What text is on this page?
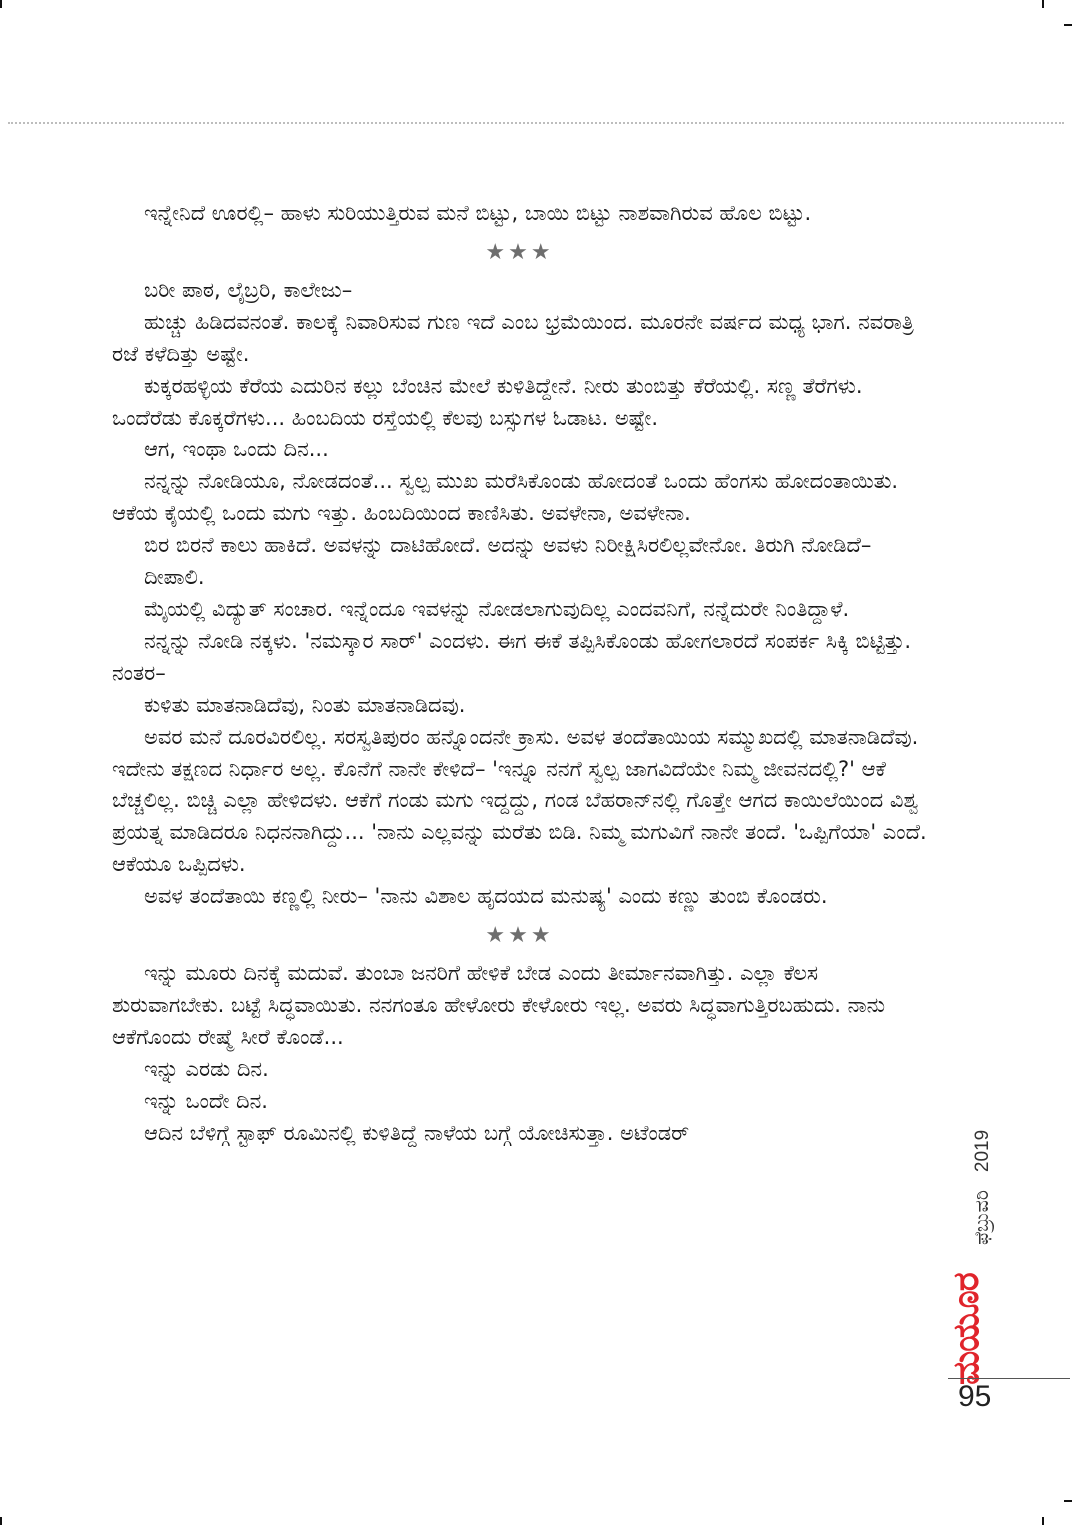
ಇನ್ನೇನಿದೆ ಊರಲ್ಲಿ– ಹಾಳು ಸುರಿಯುತ್ತಿರುವ ಮನೆ ಬಿಟ್ಟು, ಬಾಯಿ ಬಿಟ್ಟು ನಾಶವಾಗಿರುವ ಹೊಲ ಬಿಟ್ಟು.

★★★

ಬರೀ ಪಾಠ, ಲೈಬ್ರರಿ, ಕಾಲೇಜು–

ಹುಚ್ಚು ಹಿಡಿದವನಂತೆ. ಕಾಲಕ್ಕೆ ನಿವಾರಿಸುವ ಗುಣ ಇದೆ ಎಂಬ ಭ್ರಮೆಯಿಂದ. ಮೂರನೇ ವರ್ಷದ ಮಧ್ಯ ಭಾಗ. ನವರಾತ್ರಿ ರಜೆ ಕಳೆದಿತ್ತು ಅಷ್ಟೇ.

ಕುಕ್ಕರಹಳ್ಳಿಯ ಕೆರೆಯ ಎದುರಿನ ಕಲ್ಲು ಬೆಂಚಿನ ಮೇಲೆ ಕುಳಿತಿದ್ದೇನೆ. ನೀರು ತುಂಬಿತ್ತು ಕೆರೆಯಲ್ಲಿ. ಸಣ್ಣ ತೆರೆಗಳು. ಒಂದೆರೆಡು ಕೊಕ್ಕರೆಗಳು... ಹಿಂಬದಿಯ ರಸ್ತೆಯಲ್ಲಿ ಕೆಲವು ಬಸ್ಸುಗಳ ಓಡಾಟ. ಅಷ್ಟೇ.

ಆಗ, ಇಂಥಾ ಒಂದು ದಿನ...

ನನ್ನನ್ನು ನೋಡಿಯೂ, ನೋಡದಂತೆ... ಸ್ವಲ್ಪ ಮುಖ ಮರೆಸಿಕೊಂಡು ಹೋದಂತೆ ಒಂದು ಹೆಂಗಸು ಹೋದಂತಾಯಿತು. ಆಕೆಯ ಕೈಯಲ್ಲಿ ಒಂದು ಮಗು ಇತ್ತು. ಹಿಂಬದಿಯಿಂದ ಕಾಣಿಸಿತು. ಅವಳೇನಾ, ಅವಳೇನಾ.

ಬಿರ ಬಿರನೆ ಕಾಲು ಹಾಕಿದೆ. ಅವಳನ್ನು ದಾಟಿಹೋದೆ. ಅದನ್ನು ಅವಳು ನಿರೀಕ್ಷಿಸಿರಲಿಲ್ಲವೇನೋ. ತಿರುಗಿ ನೋಡಿದೆ–

ದೀಪಾಲಿ.

ಮೈಯಲ್ಲಿ ವಿದ್ಯುತ್ ಸಂಚಾರ. ಇನ್ನೆಂದೂ ಇವಳನ್ನು ನೋಡಲಾಗುವುದಿಲ್ಲ ಎಂದವನಿಗೆ, ನನ್ನೆದುರೇ ನಿಂತಿದ್ದಾಳೆ.

ನನ್ನನ್ನು ನೋಡಿ ನಕ್ಕಳು. 'ನಮಸ್ಕಾರ ಸಾರ್' ಎಂದಳು. ಈಗ ಈಕೆ ತಪ್ಪಿಸಿಕೊಂಡು ಹೋಗಲಾರದೆ ಸಂಪರ್ಕ ಸಿಕ್ಕಿ ಬಿಟ್ಟಿತ್ತು. ನಂತರ–

ಕುಳಿತು ಮಾತನಾಡಿದೆವು, ನಿಂತು ಮಾತನಾಡಿದವು.

ಅವರ ಮನೆ ದೂರವಿರಲಿಲ್ಲ. ಸರಸ್ವತಿಪುರಂ ಹನ್ನೊಂದನೇ ಕ್ರಾಸು. ಅವಳ ತಂದೆತಾಯಿಯ ಸಮ್ಮುಖದಲ್ಲಿ ಮಾತನಾಡಿದೆವು. ಇದೇನು ತಕ್ಷಣದ ನಿರ್ಧಾರ ಅಲ್ಲ. ಕೊನೆಗೆ ನಾನೇ ಕೇಳಿದೆ– 'ಇನ್ನೂ ನನಗೆ ಸ್ವಲ್ಪ ಜಾಗವಿದೆಯೇ ನಿಮ್ಮ ಜೀವನದಲ್ಲಿ?' ಆಕೆ ಬೆಚ್ಚಲಿಲ್ಲ. ಬಿಚ್ಚಿ ಎಲ್ಲಾ ಹೇಳಿದಳು. ಆಕೆಗೆ ಗಂಡು ಮಗು ಇದ್ದದ್ದು, ಗಂಡ ಬೆಹರಾನ್‌ನಲ್ಲಿ ಗೊತ್ತೇ ಆಗದ ಕಾಯಿಲೆಯಿಂದ ವಿಶ್ವ ಪ್ರಯತ್ನ ಮಾಡಿದರೂ ನಿಧನನಾಗಿದ್ದು... 'ನಾನು ಎಲ್ಲವನ್ನು ಮರೆತು ಬಿಡಿ. ನಿಮ್ಮ ಮಗುವಿಗೆ ನಾನೇ ತಂದೆ. 'ಒಪ್ಪಿಗೆಯಾ' ಎಂದೆ. ಆಕೆಯೂ ಒಪ್ಪಿದಳು.

ಅವಳ ತಂದೆತಾಯಿ ಕಣ್ಣಲ್ಲಿ ನೀರು– 'ನಾನು ವಿಶಾಲ ಹೃದಯದ ಮನುಷ್ಯ' ಎಂದು ಕಣ್ಣು ತುಂಬಿ ಕೊಂಡರು.

★★★

ಇನ್ನು ಮೂರು ದಿನಕ್ಕೆ ಮದುವೆ. ತುಂಬಾ ಜನರಿಗೆ ಹೇಳಿಕೆ ಬೇಡ ಎಂದು ತೀರ್ಮಾನವಾಗಿತ್ತು. ಎಲ್ಲಾ ಕೆಲಸ ಶುರುವಾಗಬೇಕು. ಬಟ್ಟೆ ಸಿದ್ಧವಾಯಿತು. ನನಗಂತೂ ಹೇಳೋರು ಕೇಳೋರು ಇಲ್ಲ. ಅವರು ಸಿದ್ಧವಾಗುತ್ತಿರಬಹುದು. ನಾನು ಆಕೆಗೊಂದು ರೇಷ್ಮೆ ಸೀರೆ ಕೊಂಡೆ...

ಇನ್ನು ಎರಡು ದಿನ.

ಇನ್ನು ಒಂದೇ ದಿನ.

ಆದಿನ ಬೆಳಿಗ್ಗೆ ಸ್ಟಾಫ್ ರೂಮಿನಲ್ಲಿ ಕುಳಿತಿದ್ದೆ ನಾಳೆಯ ಬಗ್ಗೆ ಯೋಚಿಸುತ್ತಾ. ಅಟೆಂಡರ್

ಫೆಬ್ರುವರಿ
2019
ಮಯೂರ
95
